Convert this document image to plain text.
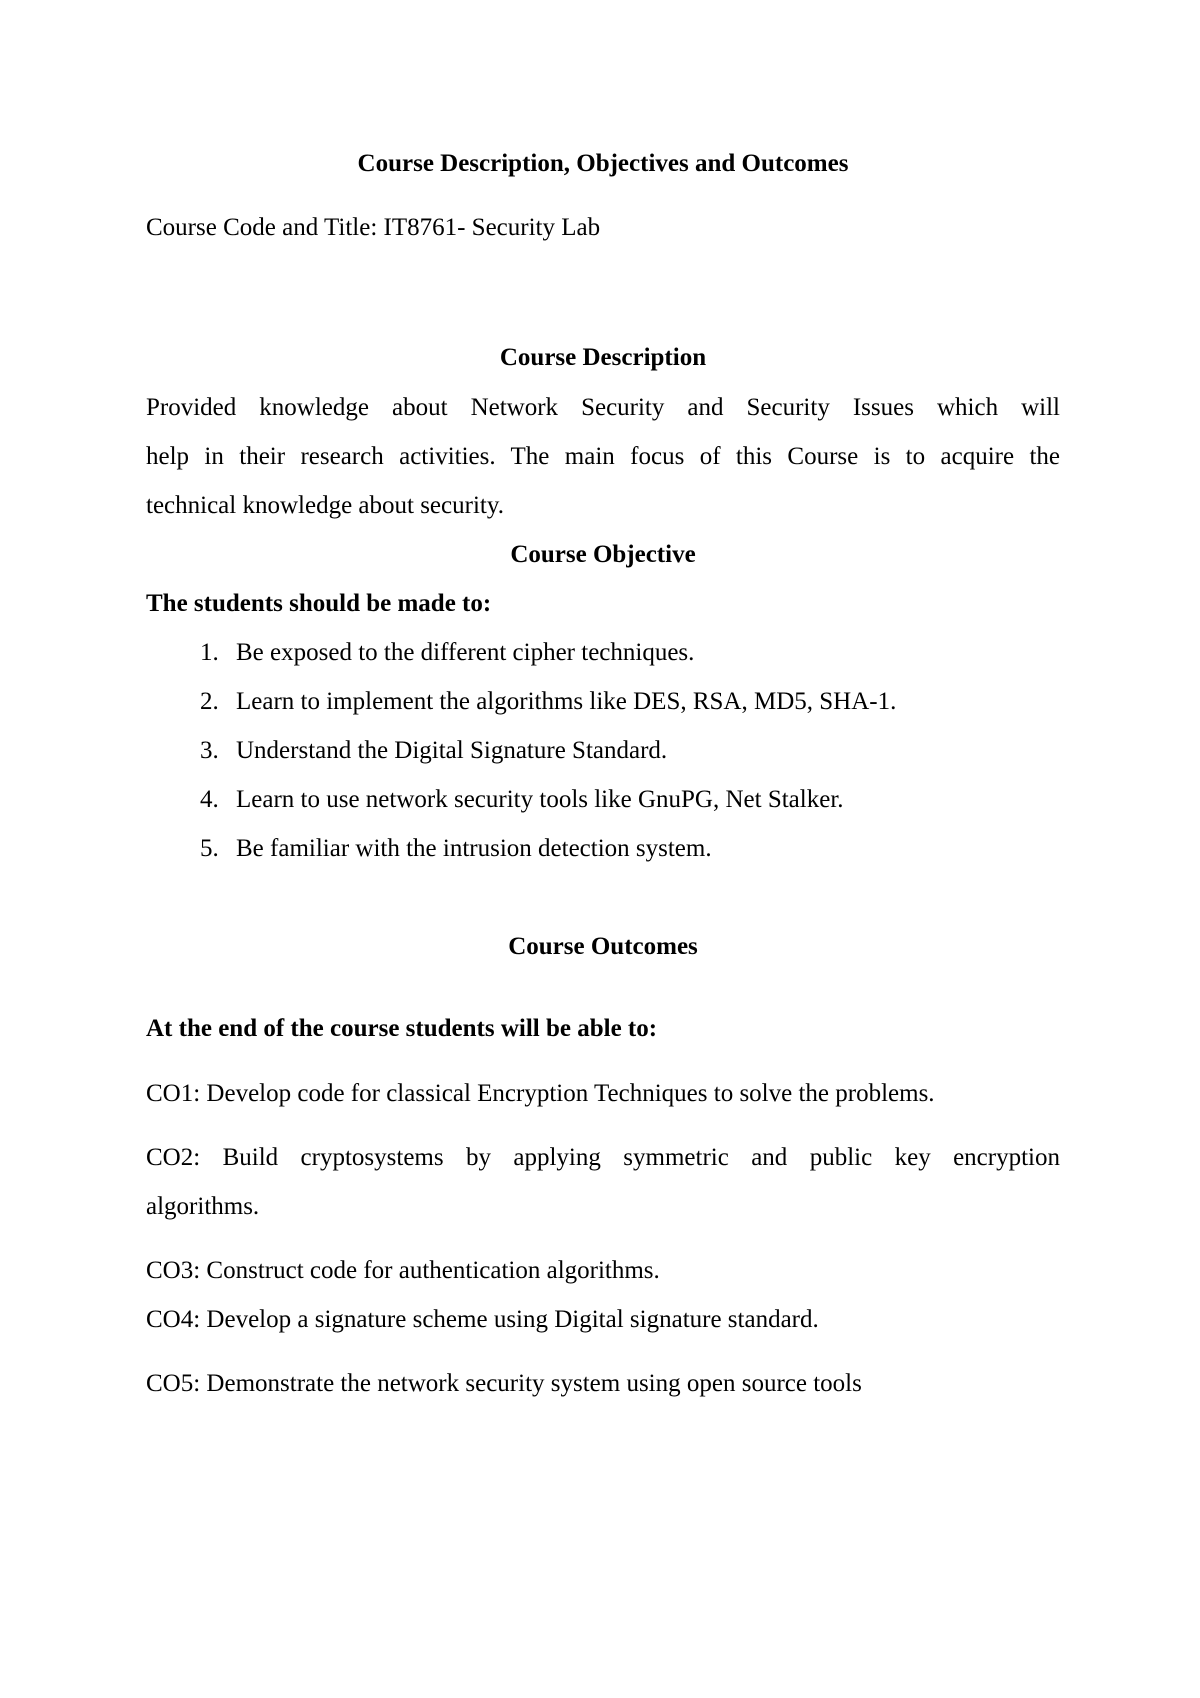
Course Description, Objectives and Outcomes
Course Code and Title: IT8761- Security Lab
Course Description
Provided knowledge about Network Security and Security Issues which will
help in their research activities. The main focus of this Course is to acquire the
technical knowledge about security.
Course Objective
The students should be made to:
1. Be exposed to the different cipher techniques.
2. Learn to implement the algorithms like DES, RSA, MD5, SHA-1.
3. Understand the Digital Signature Standard.
4. Learn to use network security tools like GnuPG, Net Stalker.
5. Be familiar with the intrusion detection system.
Course Outcomes
At the end of the course students will be able to:
CO1: Develop code for classical Encryption Techniques to solve the problems.
CO2: Build cryptosystems by applying symmetric and public key encryption
algorithms.
CO3: Construct code for authentication algorithms.
CO4: Develop a signature scheme using Digital signature standard.
CO5: Demonstrate the network security system using open source tools
